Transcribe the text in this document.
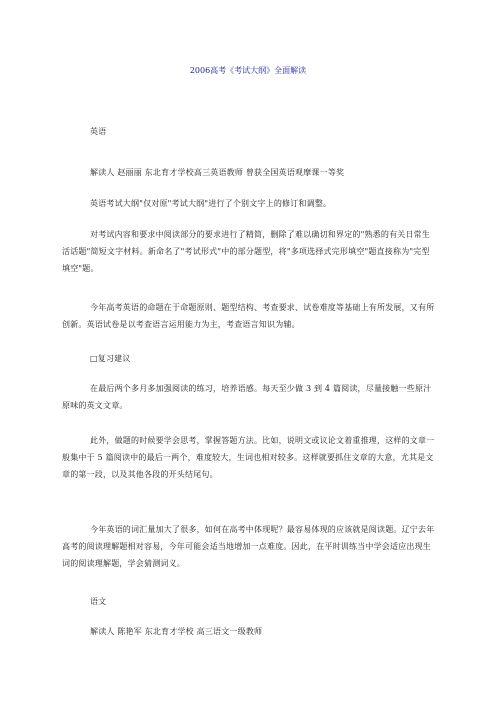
2006高考《考试大纲》全面解读

英语

解读人 赵丽丽 东北育才学校高三英语教师 曾获全国英语观摩课一等奖

英语考试大纲"仅对原"考试大纲"进行了个别文字上的修订和调整。

对考试内容和要求中阅读部分的要求进行了精简，删除了难以确切和界定的"熟悉的有关日常生活话题"简短文字材料。新命名了"考试形式"中的部分题型，将"多项选择式完形填空"题直接称为"完型填空"题。

今年高考英语的命题在于命题原则、题型结构、考查要求、试卷难度等基础上有所发展，又有所创新。英语试卷是以考查语言运用能力为主，考查语言知识为辅。

□复习建议

在最后两个多月多加强阅读的练习，培养语感。每天至少做 3 到 4 篇阅读，尽量接触一些原汁原味的英文文章。

此外，做题的时候要学会思考，掌握答题方法。比如，说明文或议论文着重推理，这样的文章一般集中于 5 篇阅读中的最后一两个，难度较大，生词也相对较多。这样就要抓住文章的大意，尤其是文章的第一段，以及其他各段的开头结尾句。

今年英语的词汇量加大了很多，如何在高考中体现呢？最容易体现的应该就是阅读题。辽宁去年高考的阅读理解题相对容易，今年可能会适当地增加一点难度。因此，在平时训练当中学会适应出现生词的阅读理解题，学会猜测词义。

语文

解读人 陈艳军 东北育才学校 高三语文一级教师
